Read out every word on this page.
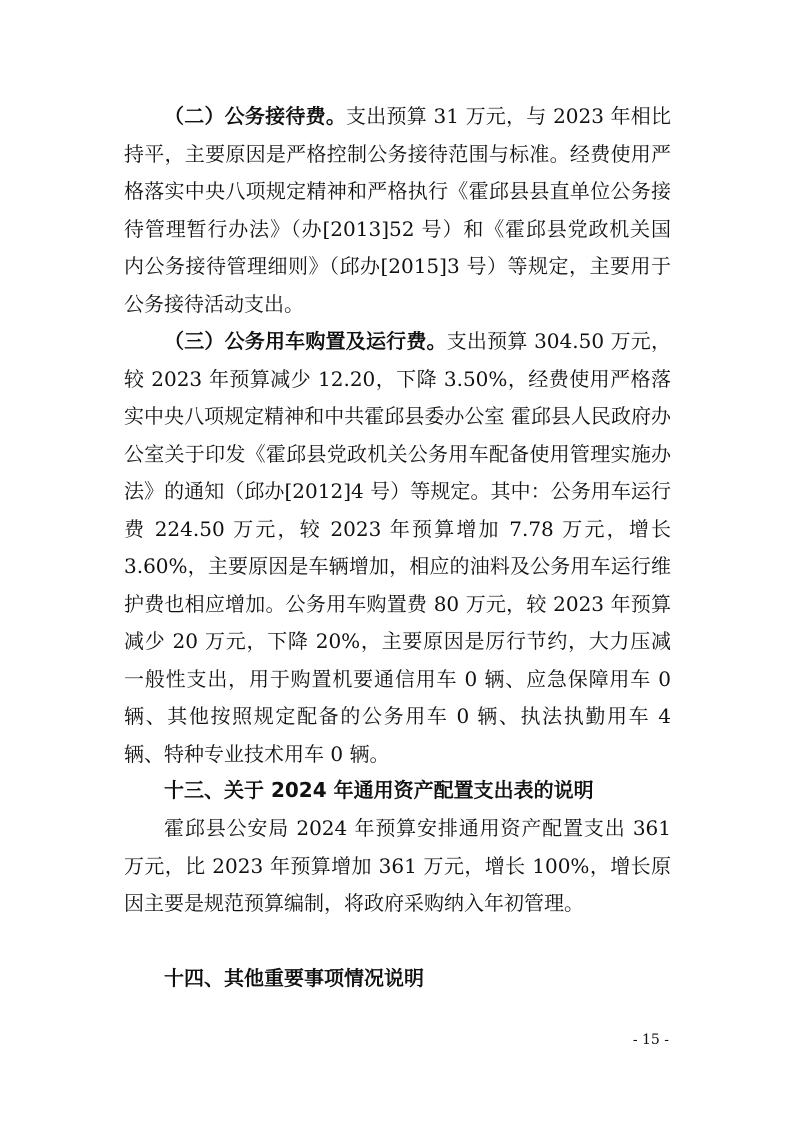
（二）公务接待费。支出预算 31 万元，与 2023 年相比持平，主要原因是严格控制公务接待范围与标准。经费使用严格落实中央八项规定精神和严格执行《霍邱县县直单位公务接待管理暂行办法》（办[2013]52 号）和《霍邱县党政机关国内公务接待管理细则》（邱办[2015]3 号）等规定，主要用于公务接待活动支出。

（三）公务用车购置及运行费。支出预算 304.50 万元，较 2023 年预算减少 12.20，下降 3.50%，经费使用严格落实中央八项规定精神和中共霍邱县委办公室 霍邱县人民政府办公室关于印发《霍邱县党政机关公务用车配备使用管理实施办法》的通知（邱办[2012]4 号）等规定。其中：公务用车运行费 224.50 万元，较 2023 年预算增加 7.78 万元，增长 3.60%，主要原因是车辆增加，相应的油料及公务用车运行维护费也相应增加。公务用车购置费 80 万元，较 2023 年预算减少 20 万元，下降 20%，主要原因是厉行节约，大力压减一般性支出，用于购置机要通信用车 0 辆、应急保障用车 0 辆、其他按照规定配备的公务用车 0 辆、执法执勤用车 4 辆、特种专业技术用车 0 辆。

十三、关于 2024 年通用资产配置支出表的说明

霍邱县公安局 2024 年预算安排通用资产配置支出 361 万元，比 2023 年预算增加 361 万元，增长 100%，增长原因主要是规范预算编制，将政府采购纳入年初管理。

十四、其他重要事项情况说明
- 15 -
